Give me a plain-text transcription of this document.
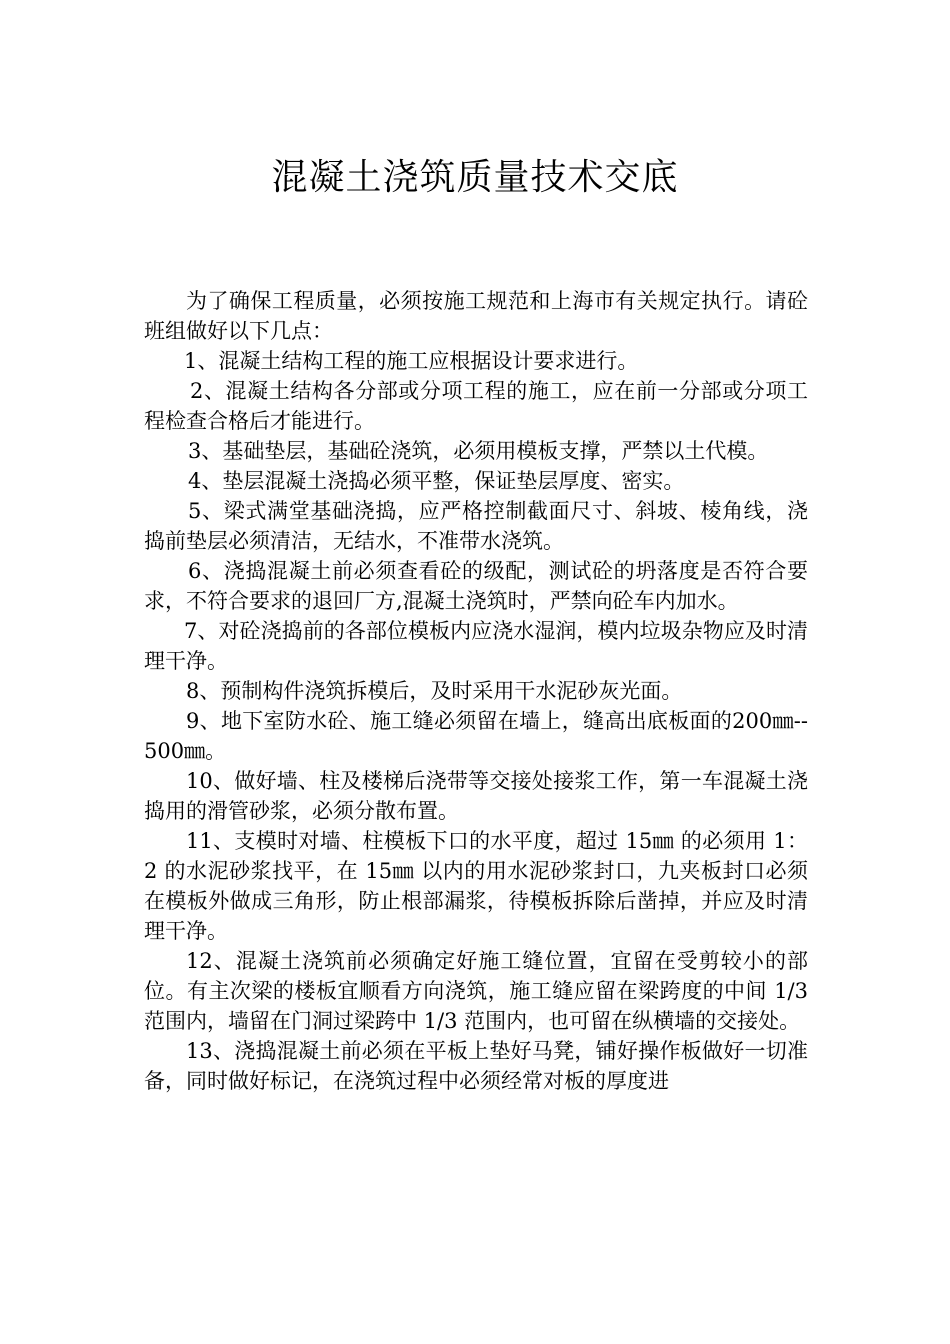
混凝土浇筑质量技术交底

为了确保工程质量，必须按施工规范和上海市有关规定执行。请砼班组做好以下几点：

1、混凝土结构工程的施工应根据设计要求进行。

2、混凝土结构各分部或分项工程的施工，应在前一分部或分项工程检查合格后才能进行。

3、基础垫层，基础砼浇筑，必须用模板支撑，严禁以土代模。

4、垫层混凝土浇捣必须平整，保证垫层厚度、密实。

5、梁式满堂基础浇捣，应严格控制截面尺寸、斜坡、棱角线，浇捣前垫层必须清洁，无结水，不准带水浇筑。

6、浇捣混凝土前必须查看砼的级配，测试砼的坍落度是否符合要求，不符合要求的退回厂方,混凝土浇筑时，严禁向砼车内加水。

7、对砼浇捣前的各部位模板内应浇水湿润，模内垃圾杂物应及时清理干净。

8、预制构件浇筑拆模后，及时采用干水泥砂灰光面。

9、地下室防水砼、施工缝必须留在墙上，缝高出底板面的200㎜--500㎜。

10、做好墙、柱及楼梯后浇带等交接处接浆工作，第一车混凝土浇捣用的滑管砂浆，必须分散布置。

11、支模时对墙、柱模板下口的水平度，超过 15㎜ 的必须用 1：2 的水泥砂浆找平，在 15㎜ 以内的用水泥砂浆封口，九夹板封口必须在模板外做成三角形，防止根部漏浆，待模板拆除后凿掉，并应及时清理干净。

12、混凝土浇筑前必须确定好施工缝位置，宜留在受剪较小的部位。有主次梁的楼板宜顺看方向浇筑，施工缝应留在梁跨度的中间 1/3 范围内，墙留在门洞过梁跨中 1/3 范围内，也可留在纵横墙的交接处。

13、浇捣混凝土前必须在平板上垫好马凳，铺好操作板做好一切准备，同时做好标记，在浇筑过程中必须经常对板的厚度进
